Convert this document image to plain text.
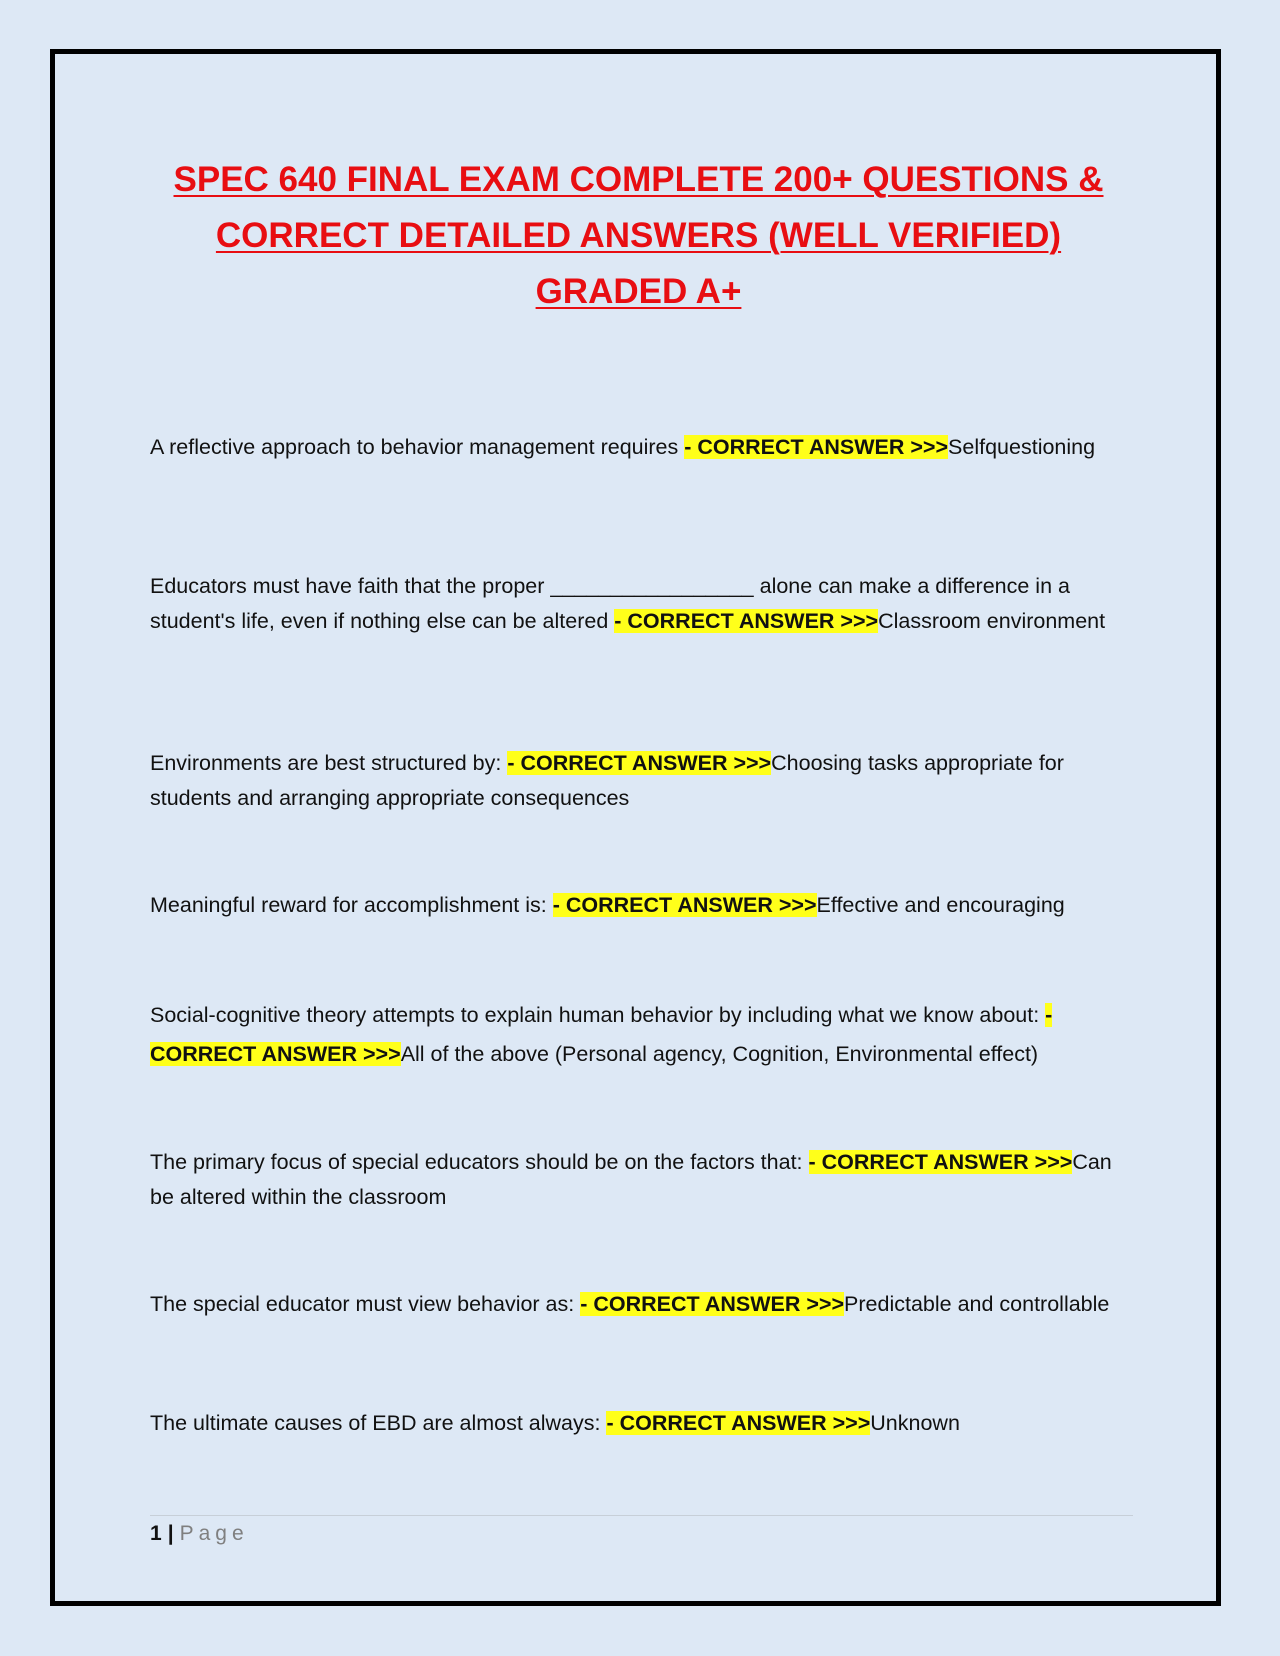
SPEC 640 FINAL EXAM COMPLETE 200+ QUESTIONS & CORRECT DETAILED ANSWERS (WELL VERIFIED) GRADED A+

A reflective approach to behavior management requires - CORRECT ANSWER >>>Selfquestioning

Educators must have faith that the proper _________________ alone can make a difference in a student's life, even if nothing else can be altered - CORRECT ANSWER >>>Classroom environment

Environments are best structured by: - CORRECT ANSWER >>>Choosing tasks appropriate for students and arranging appropriate consequences

Meaningful reward for accomplishment is: - CORRECT ANSWER >>>Effective and encouraging

Social-cognitive theory attempts to explain human behavior by including what we know about: - CORRECT ANSWER >>>All of the above (Personal agency, Cognition, Environmental effect)

The primary focus of special educators should be on the factors that: - CORRECT ANSWER >>>Can be altered within the classroom

The special educator must view behavior as: - CORRECT ANSWER >>>Predictable and controllable

The ultimate causes of EBD are almost always: - CORRECT ANSWER >>>Unknown

1 | Page
